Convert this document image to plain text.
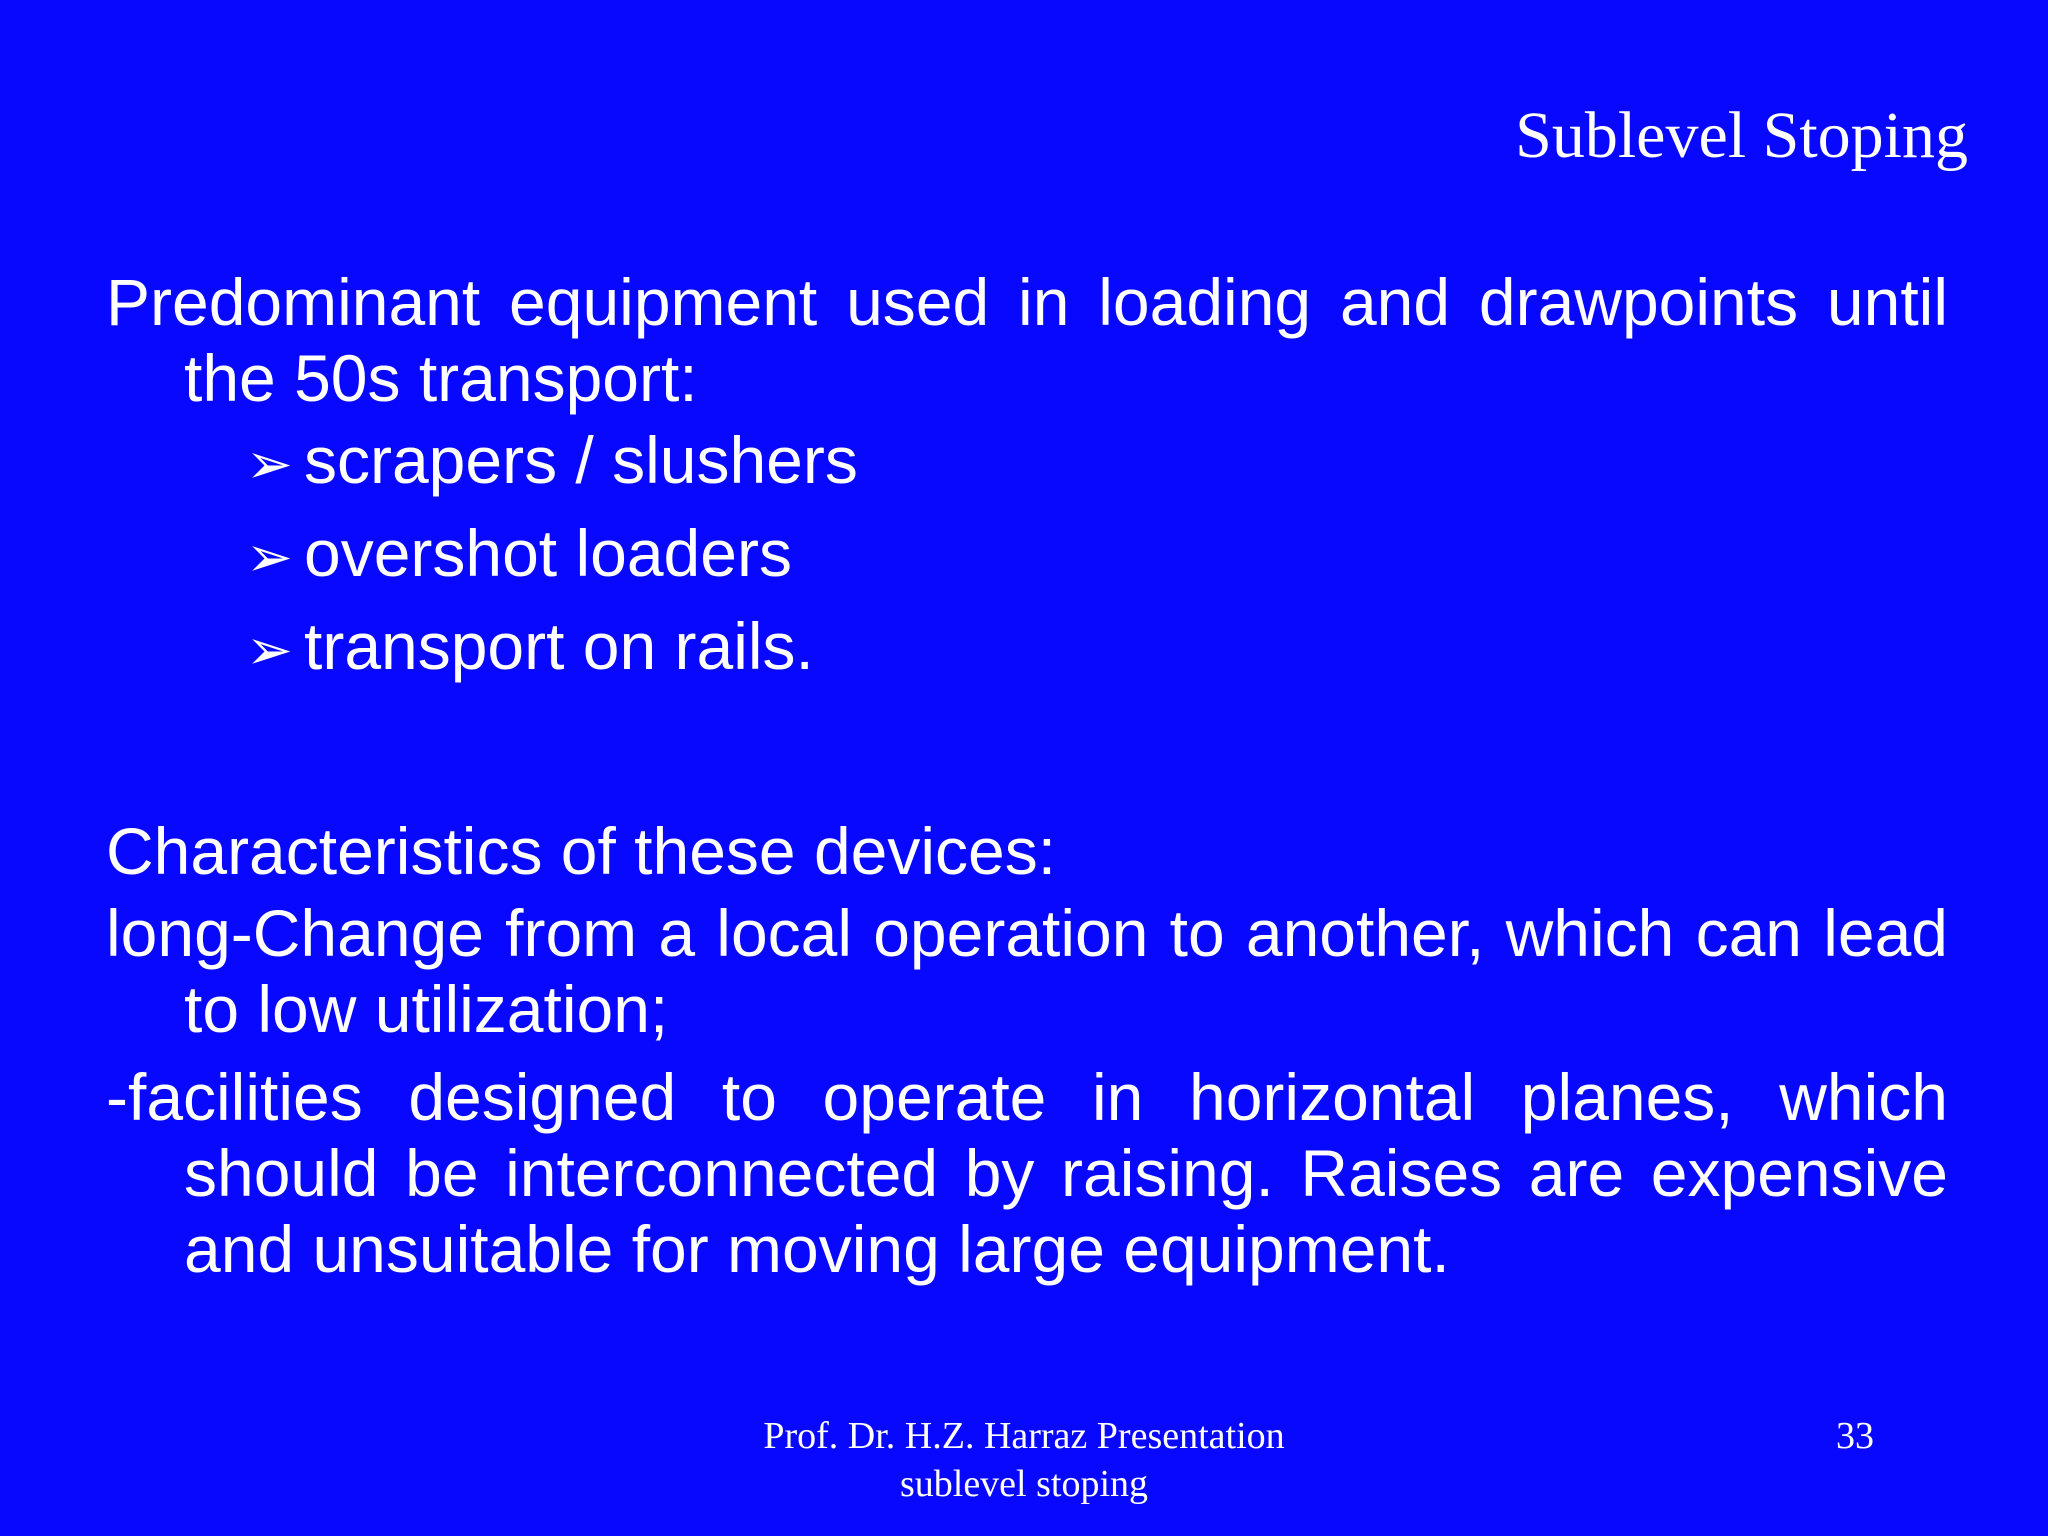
Sublevel Stoping

Predominant equipment used in loading and drawpoints until the 50s transport:

➢ scrapers / slushers
➢ overshot loaders
➢ transport on rails.

Characteristics of these devices:

long-Change from a local operation to another, which can lead to low utilization;

-facilities designed to operate in horizontal planes, which should be interconnected by raising. Raises are expensive and unsuitable for moving large equipment.

Prof. Dr. H.Z. Harraz Presentation
sublevel stoping
33
